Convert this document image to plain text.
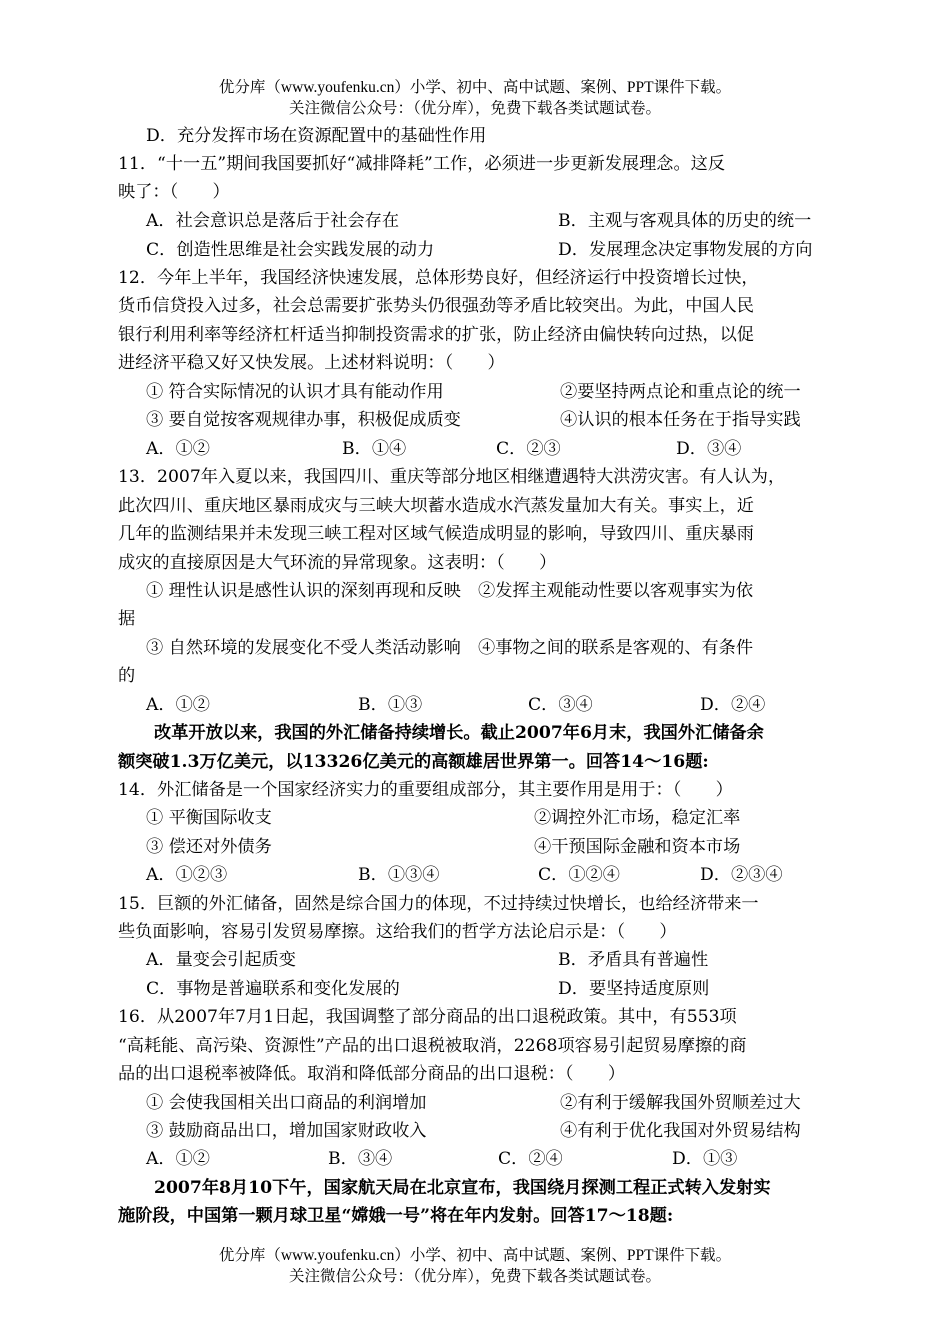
优分库（www.youfenku.cn）小学、初中、高中试题、案例、PPT课件下载。
关注微信公众号：（优分库），免费下载各类试题试卷。
D．充分发挥市场在资源配置中的基础性作用
11．“十一五”期间我国要抓好“减排降耗”工作，必须进一步更新发展理念。这反
映了：（　　）
A．社会意识总是落后于社会存在	B．主观与客观具体的历史的统一
C．创造性思维是社会实践发展的动力	D．发展理念决定事物发展的方向
12．今年上半年，我国经济快速发展，总体形势良好，但经济运行中投资增长过快，
货币信贷投入过多，社会总需要扩张势头仍很强劲等矛盾比较突出。为此，中国人民
银行利用利率等经济杠杆适当抑制投资需求的扩张，防止经济由偏快转向过热，以促
进经济平稳又好又快发展。上述材料说明：（　　）
① 符合实际情况的认识才具有能动作用	②要坚持两点论和重点论的统一
③ 要自觉按客观规律办事，积极促成质变	④认识的根本任务在于指导实践
A．①②	B．①④	C．②③	D．③④
13．2007年入夏以来，我国四川、重庆等部分地区相继遭遇特大洪涝灾害。有人认为，
此次四川、重庆地区暴雨成灾与三峡大坝蓄水造成水汽蒸发量加大有关。事实上，近
几年的监测结果并未发现三峡工程对区域气候造成明显的影响，导致四川、重庆暴雨
成灾的直接原因是大气环流的异常现象。这表明：（　　）
① 理性认识是感性认识的深刻再现和反映　②发挥主观能动性要以客观事实为依
据
③ 自然环境的发展变化不受人类活动影响　④事物之间的联系是客观的、有条件
的
A．①②	B．①③	C．③④	D．②④
改革开放以来，我国的外汇储备持续增长。截止2007年6月末，我国外汇储备余
额突破1.3万亿美元，以13326亿美元的高额雄居世界第一。回答14～16题:
14．外汇储备是一个国家经济实力的重要组成部分，其主要作用是用于：（　　）
① 平衡国际收支	②调控外汇市场，稳定汇率
③ 偿还对外债务	④干预国际金融和资本市场
A．①②③	B．①③④	C．①②④	D．②③④
15．巨额的外汇储备，固然是综合国力的体现，不过持续过快增长，也给经济带来一
些负面影响，容易引发贸易摩擦。这给我们的哲学方法论启示是：（　　）
A．量变会引起质变	B．矛盾具有普遍性
C．事物是普遍联系和变化发展的	D．要坚持适度原则
16．从2007年7月1日起，我国调整了部分商品的出口退税政策。其中，有553项
“高耗能、高污染、资源性”产品的出口退税被取消，2268项容易引起贸易摩擦的商
品的出口退税率被降低。取消和降低部分商品的出口退税：（　　）
① 会使我国相关出口商品的利润增加	②有利于缓解我国外贸顺差过大
③ 鼓励商品出口，增加国家财政收入	④有利于优化我国对外贸易结构
A．①②	B．③④	C．②④	D．①③
2007年8月10下午，国家航天局在北京宣布，我国绕月探测工程正式转入发射实
施阶段，中国第一颗月球卫星“嫦娥一号”将在年内发射。回答17～18题:
优分库（www.youfenku.cn）小学、初中、高中试题、案例、PPT课件下载。
关注微信公众号：（优分库），免费下载各类试题试卷。
